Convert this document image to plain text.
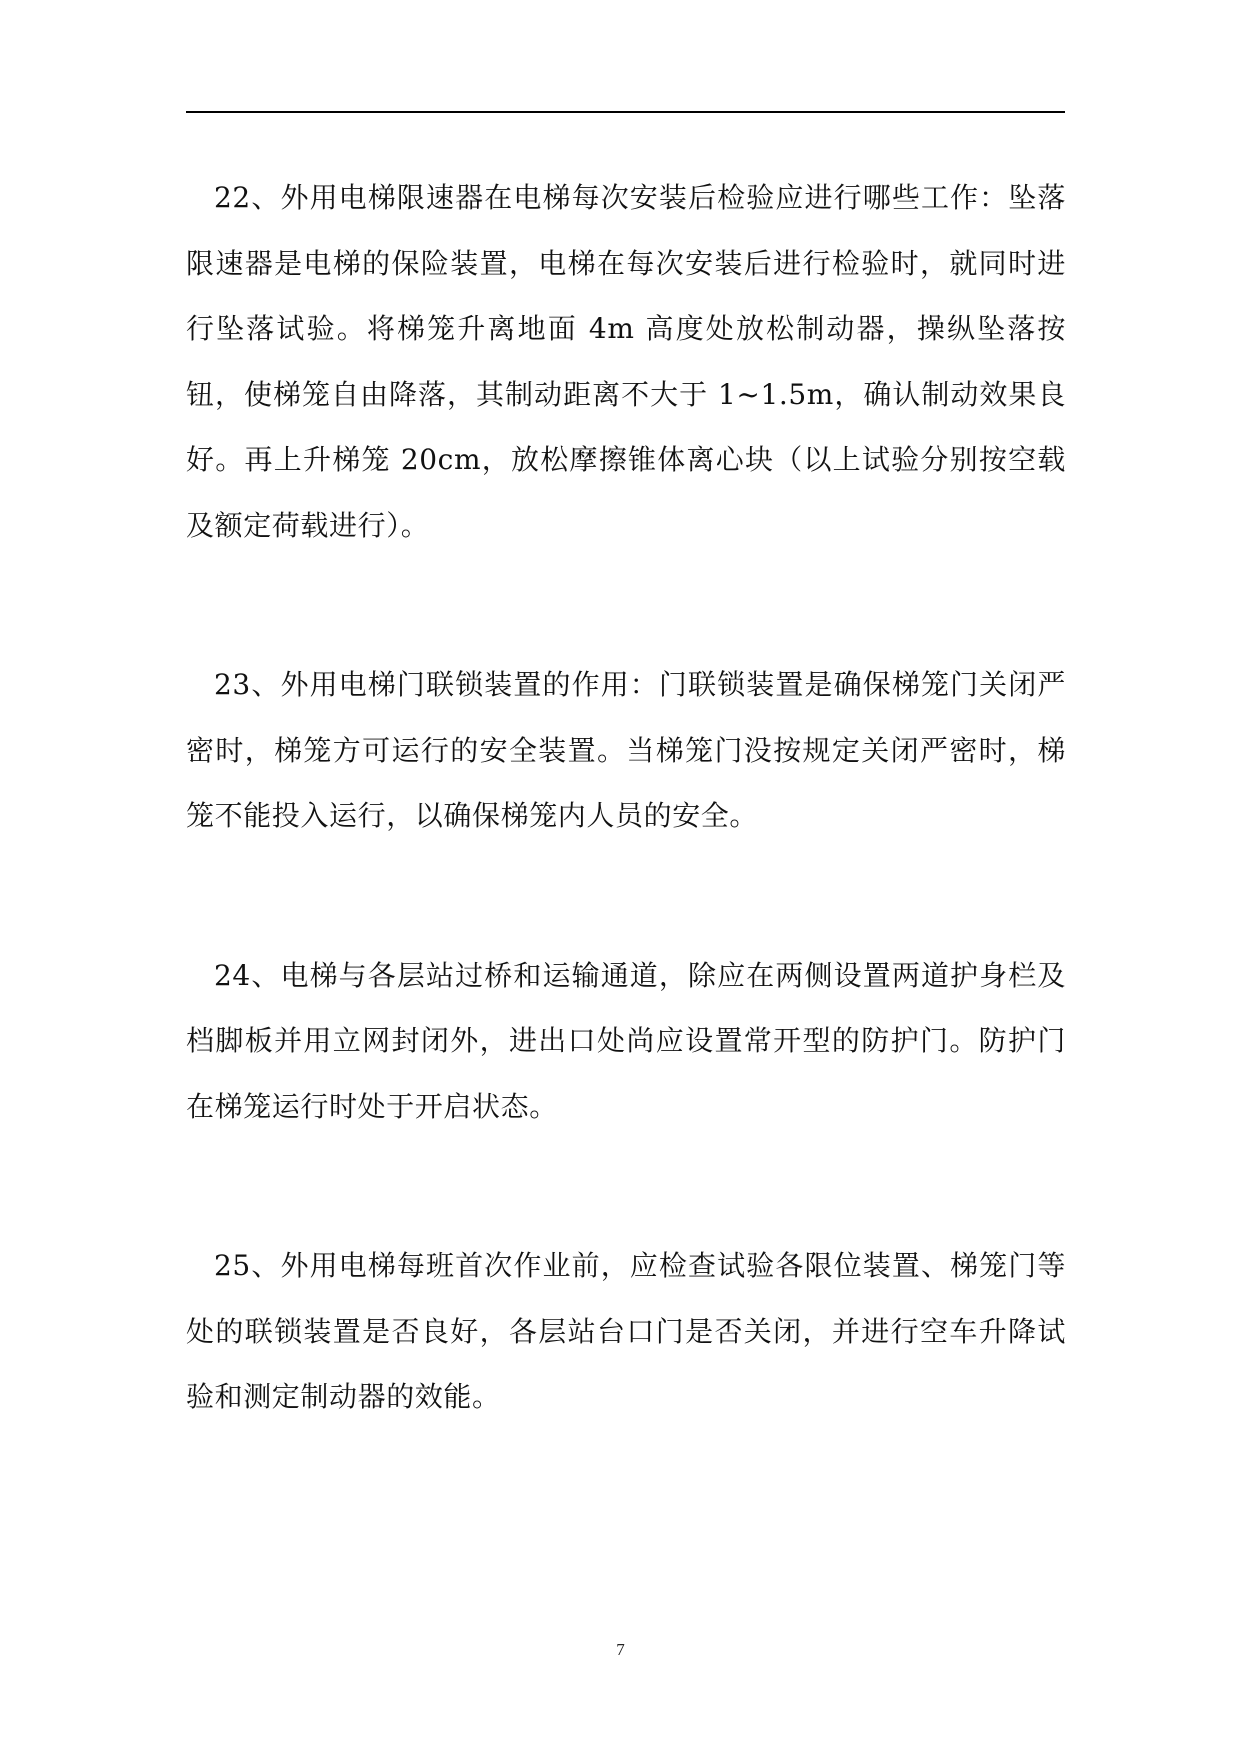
22、外用电梯限速器在电梯每次安装后检验应进行哪些工作：坠落限速器是电梯的保险装置，电梯在每次安装后进行检验时，就同时进行坠落试验。将梯笼升离地面 4m 高度处放松制动器，操纵坠落按钮，使梯笼自由降落，其制动距离不大于 1~1.5m，确认制动效果良好。再上升梯笼 20cm，放松摩擦锥体离心块（以上试验分别按空载及额定荷载进行）。

23、外用电梯门联锁装置的作用：门联锁装置是确保梯笼门关闭严密时，梯笼方可运行的安全装置。当梯笼门没按规定关闭严密时，梯笼不能投入运行，以确保梯笼内人员的安全。

24、电梯与各层站过桥和运输通道，除应在两侧设置两道护身栏及档脚板并用立网封闭外，进出口处尚应设置常开型的防护门。防护门在梯笼运行时处于开启状态。

25、外用电梯每班首次作业前，应检查试验各限位装置、梯笼门等处的联锁装置是否良好，各层站台口门是否关闭，并进行空车升降试验和测定制动器的效能。

7
